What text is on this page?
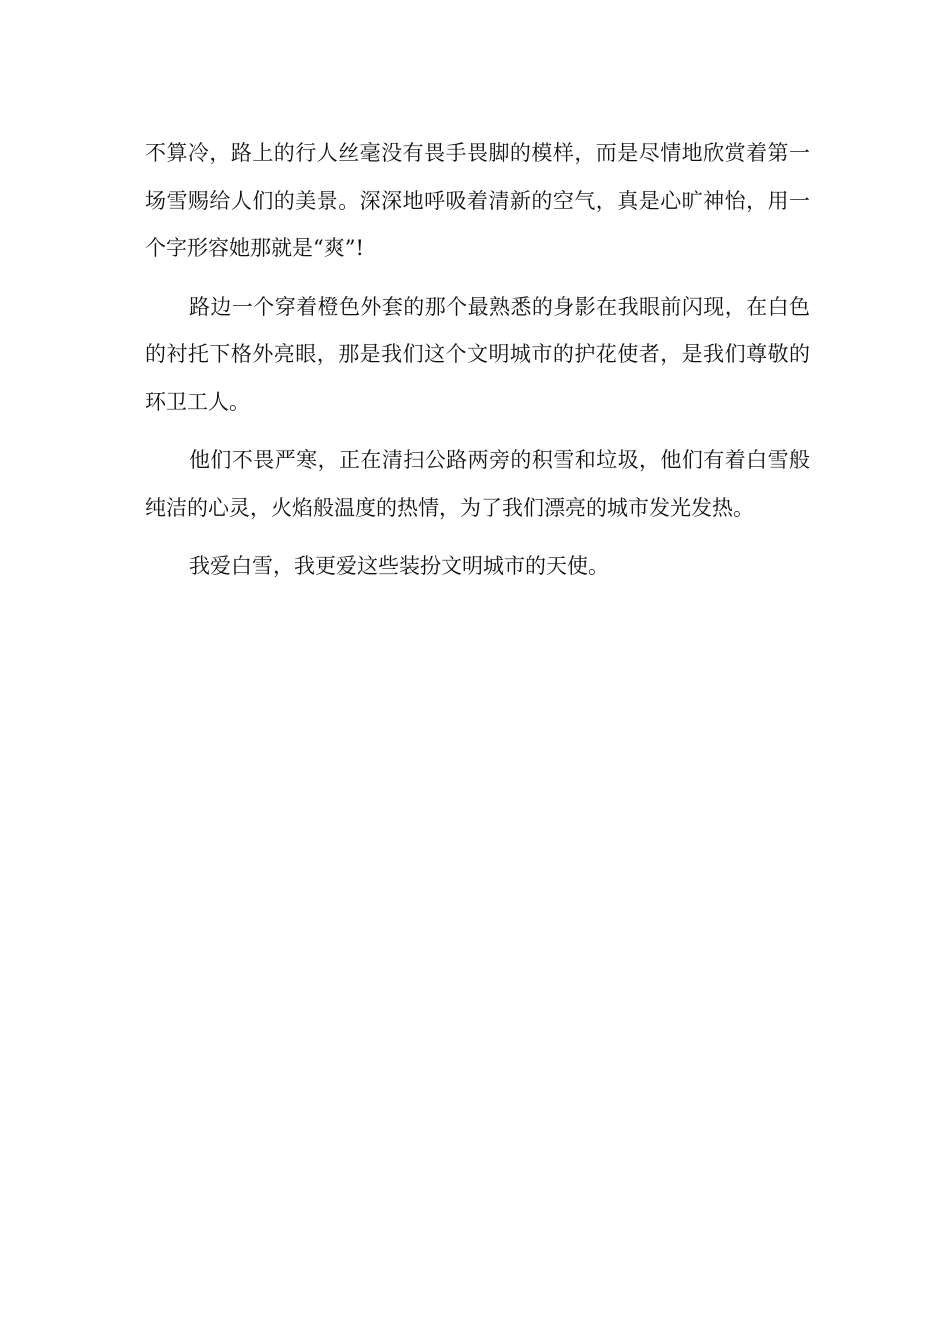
不算冷，路上的行人丝毫没有畏手畏脚的模样，而是尽情地欣赏着第一场雪赐给人们的美景。深深地呼吸着清新的空气，真是心旷神怡，用一个字形容她那就是“爽”!

路边一个穿着橙色外套的那个最熟悉的身影在我眼前闪现，在白色的衬托下格外亮眼，那是我们这个文明城市的护花使者，是我们尊敬的环卫工人。

他们不畏严寒，正在清扫公路两旁的积雪和垃圾，他们有着白雪般纯洁的心灵，火焰般温度的热情，为了我们漂亮的城市发光发热。

我爱白雪，我更爱这些装扮文明城市的天使。
